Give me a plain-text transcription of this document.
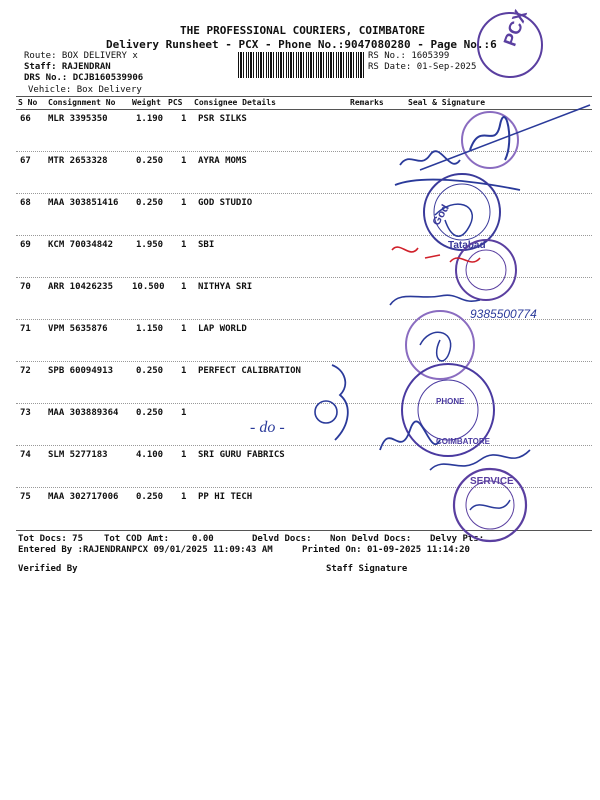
THE PROFESSIONAL COURIERS, COIMBATORE
Delivery Runsheet - PCX - Phone No.:9047080280 - Page No.:6
Route: BOX DELIVERY x
Staff: RAJENDRAN
DRS No.: DCJB160539906
Vehicle: Box Delivery
RS No.: 1605399
RS Date: 01-Sep-2025
S No Consignment No Weight PCS Consignee Details	Remarks	Seal & Signature
66 MLR 3395350	1.190 1 PSR SILKS
67 MTR 2653328	0.250 1 AYRA MOMS
68 MAA 303851416 0.250 1 GOD STUDIO
69 KCM 70034842	1.950 1 SBI
70 ARR 10426235 10.500 1 NITHYA SRI
71 VPM 5635876	1.150 1 LAP WORLD
72 SPB 60094913	0.250 1 PERFECT CALIBRATION
73 MAA 303889364 0.250 1
74 SLM 5277183	4.100 1 SRI GURU FABRICS
75 MAA 302717006 0.250 1 PP HI TECH
Tot Docs: 75 Tot COD Amt:	0.00	Delvd Docs: Non Delvd Docs: Delvy Pts:
Entered By :RAJENDRANPCX 09/01/2025 11:09:43 AM	Printed On: 01-09-2025 11:14:20
Verified By	Staff Signature
PCX
God
Tatabad
9385500774
PHONE
COIMBATORE
- do -
SERVICE
